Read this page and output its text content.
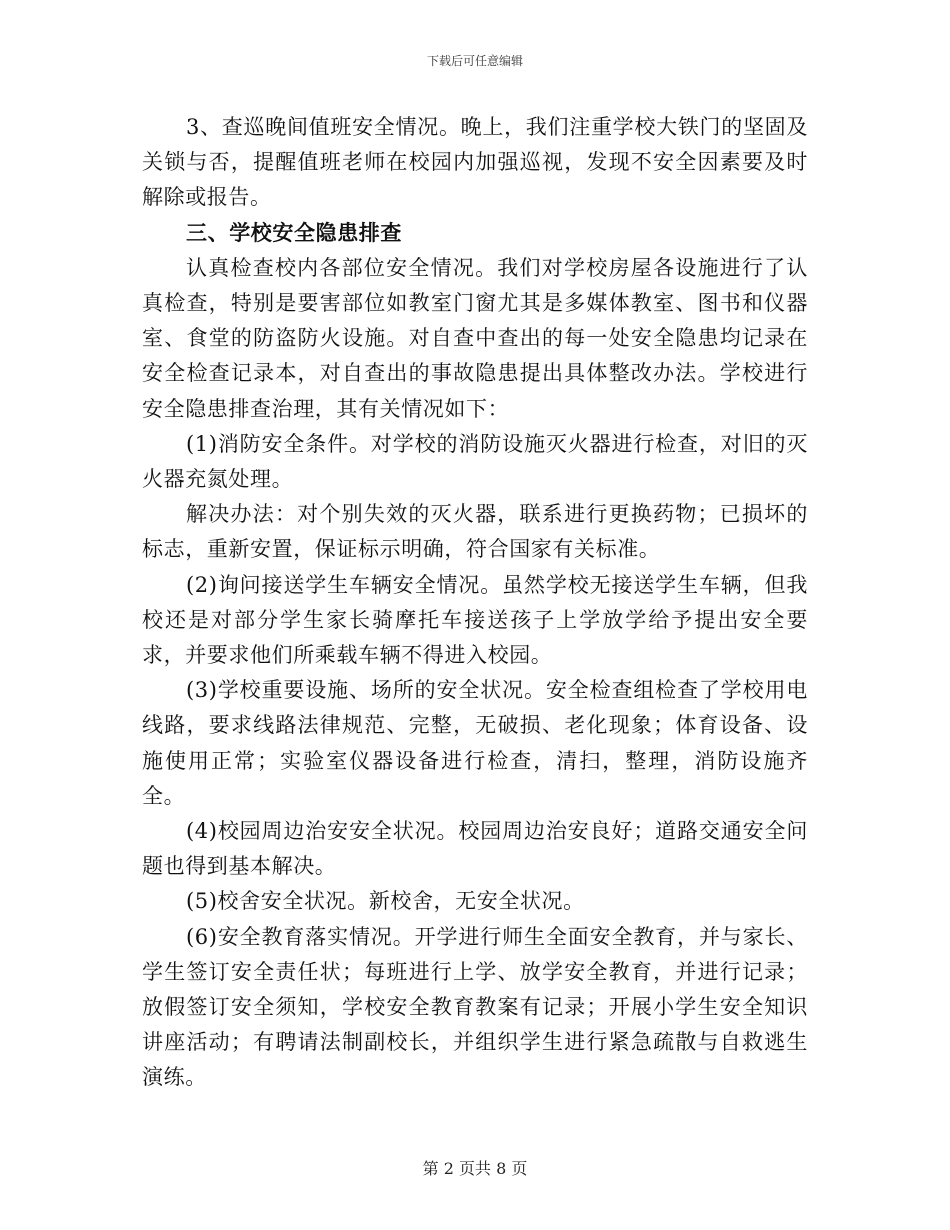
下载后可任意编辑

3、查巡晚间值班安全情况。晚上，我们注重学校大铁门的坚固及关锁与否，提醒值班老师在校园内加强巡视，发现不安全因素要及时解除或报告。

三、学校安全隐患排查

认真检查校内各部位安全情况。我们对学校房屋各设施进行了认真检查，特别是要害部位如教室门窗尤其是多媒体教室、图书和仪器室、食堂的防盗防火设施。对自查中查出的每一处安全隐患均记录在安全检查记录本，对自查出的事故隐患提出具体整改办法。学校进行安全隐患排查治理，其有关情况如下：

(1)消防安全条件。对学校的消防设施灭火器进行检查，对旧的灭火器充氮处理。

解决办法：对个别失效的灭火器，联系进行更换药物；已损坏的标志，重新安置，保证标示明确，符合国家有关标准。

(2)询问接送学生车辆安全情况。虽然学校无接送学生车辆，但我校还是对部分学生家长骑摩托车接送孩子上学放学给予提出安全要求，并要求他们所乘载车辆不得进入校园。

(3)学校重要设施、场所的安全状况。安全检查组检查了学校用电线路，要求线路法律规范、完整，无破损、老化现象；体育设备、设施使用正常；实验室仪器设备进行检查，清扫，整理，消防设施齐全。

(4)校园周边治安安全状况。校园周边治安良好；道路交通安全问题也得到基本解决。

(5)校舍安全状况。新校舍，无安全状况。

(6)安全教育落实情况。开学进行师生全面安全教育，并与家长、学生签订安全责任状；每班进行上学、放学安全教育，并进行记录；放假签订安全须知，学校安全教育教案有记录；开展小学生安全知识讲座活动；有聘请法制副校长，并组织学生进行紧急疏散与自救逃生演练。

第 2 页共 8 页
